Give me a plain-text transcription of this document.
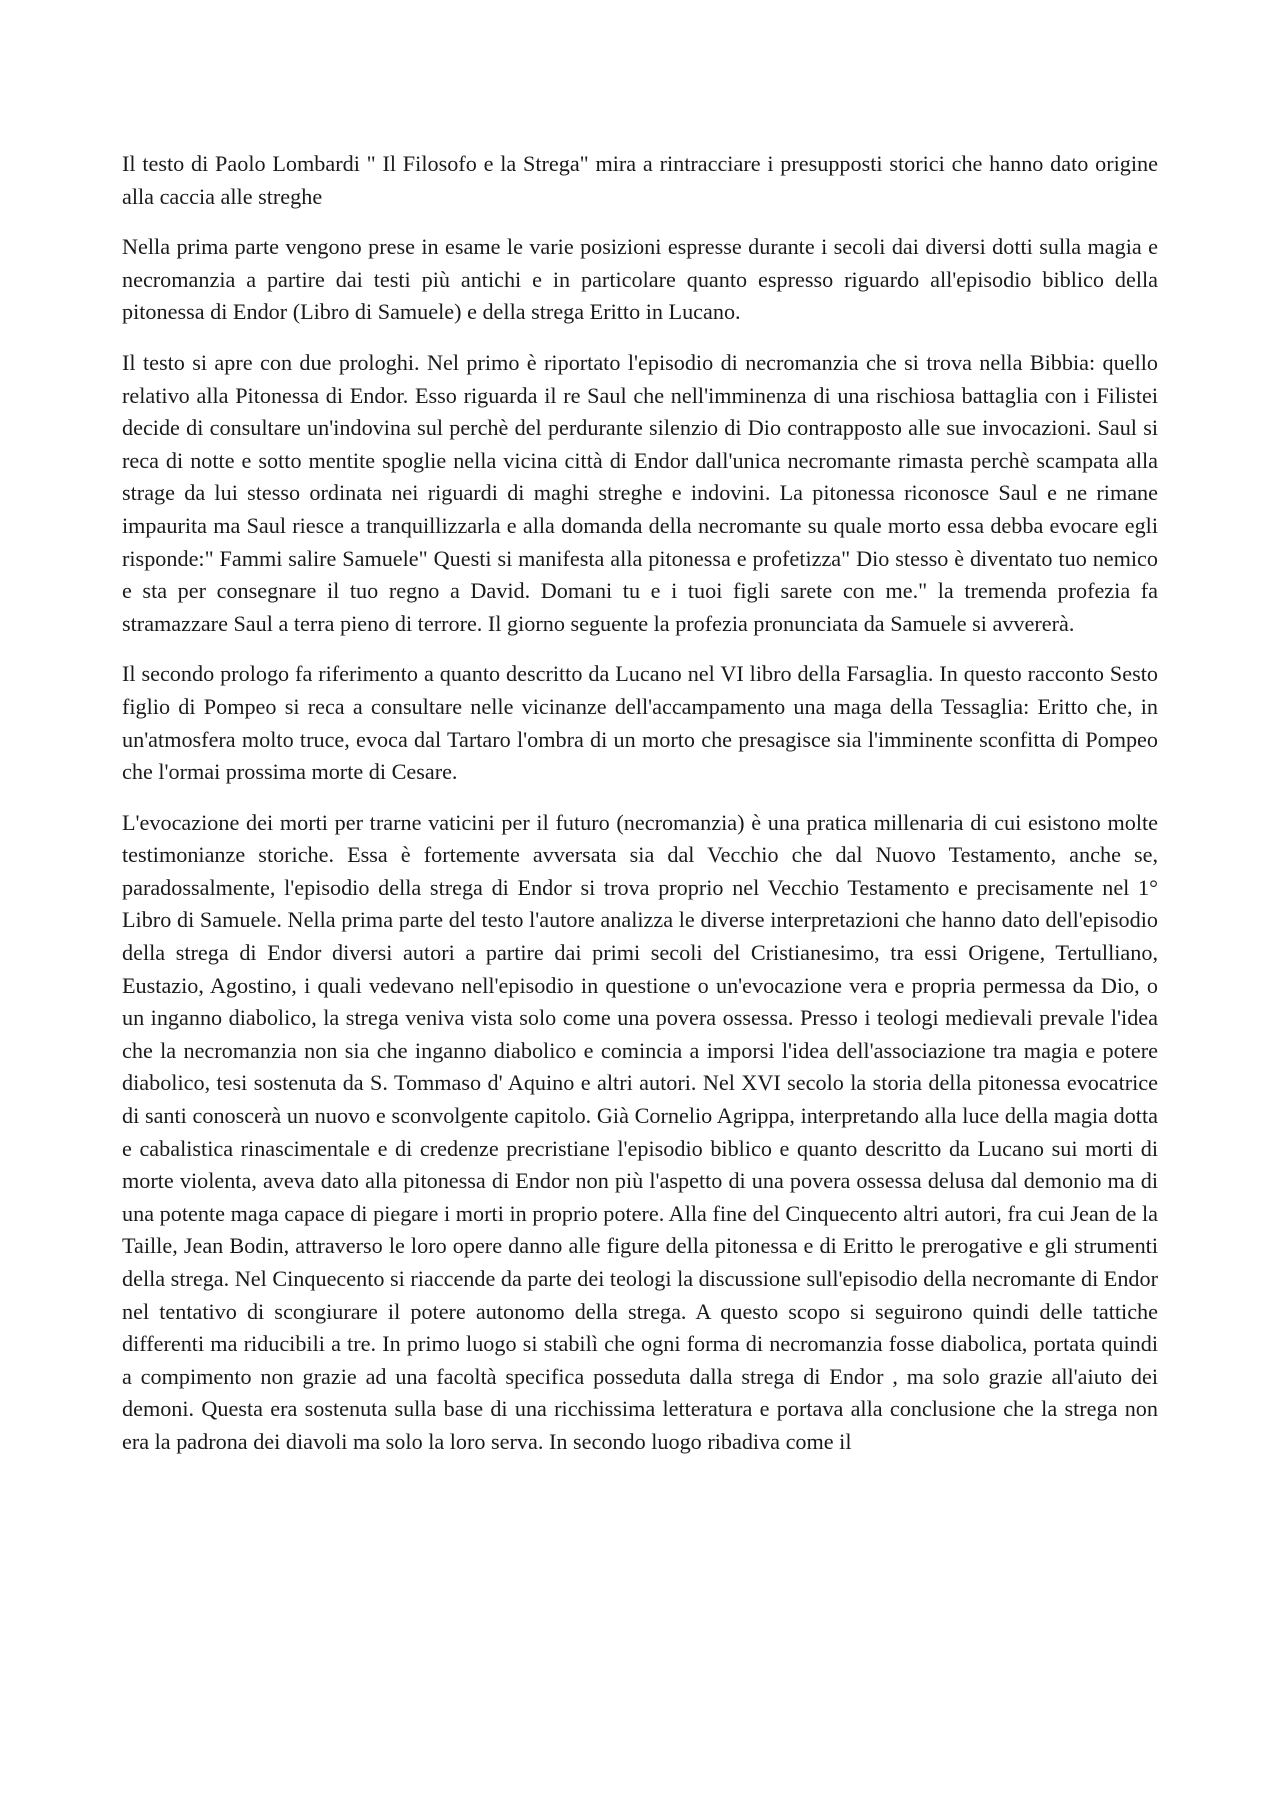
Il testo di Paolo Lombardi " Il Filosofo e la Strega" mira a rintracciare i presupposti storici che hanno dato origine alla caccia alle streghe

Nella prima parte vengono prese in esame le varie posizioni espresse durante i secoli dai diversi dotti sulla magia e necromanzia a partire dai testi più antichi e in particolare quanto espresso riguardo all'episodio biblico della pitonessa di Endor (Libro di Samuele) e della strega Eritto in Lucano.

Il testo si apre con due prologhi. Nel primo è riportato l'episodio di necromanzia che si trova nella Bibbia: quello relativo alla Pitonessa di Endor. Esso riguarda il re Saul che nell'imminenza di una rischiosa battaglia con i Filistei decide di consultare un'indovina sul perchè del perdurante silenzio di Dio contrapposto alle sue invocazioni. Saul si reca di notte e sotto mentite spoglie nella vicina città di Endor dall'unica necromante rimasta perchè scampata alla strage da lui stesso ordinata nei riguardi di maghi streghe e indovini. La pitonessa riconosce Saul e ne rimane impaurita ma Saul riesce a tranquillizzarla e alla domanda della necromante su quale morto essa debba evocare egli risponde:" Fammi salire Samuele" Questi si manifesta alla pitonessa e profetizza" Dio stesso è diventato tuo nemico e sta per consegnare il tuo regno a David. Domani tu e i tuoi figli sarete con me." la tremenda profezia fa stramazzare Saul a terra pieno di terrore. Il giorno seguente la profezia pronunciata da Samuele si avvererà.

Il secondo prologo fa riferimento a quanto descritto da Lucano nel VI libro della Farsaglia. In questo racconto Sesto figlio di Pompeo si reca a consultare nelle vicinanze dell'accampamento una maga della Tessaglia: Eritto che, in un'atmosfera molto truce, evoca dal Tartaro l'ombra di un morto che presagisce sia l'imminente sconfitta di Pompeo che l'ormai prossima morte di Cesare.

L'evocazione dei morti per trarne vaticini per il futuro (necromanzia) è una pratica millenaria di cui esistono molte testimonianze storiche. Essa è fortemente avversata sia dal Vecchio che dal Nuovo Testamento, anche se, paradossalmente, l'episodio della strega di Endor si trova proprio nel Vecchio Testamento e precisamente nel 1° Libro di Samuele. Nella prima parte del testo l'autore analizza le diverse interpretazioni che hanno dato dell'episodio della strega di Endor diversi autori a partire dai primi secoli del Cristianesimo, tra essi Origene, Tertulliano, Eustazio, Agostino, i quali vedevano nell'episodio in questione o un'evocazione vera e propria permessa da Dio, o un inganno diabolico, la strega veniva vista solo come una povera ossessa. Presso i teologi medievali prevale l'idea che la necromanzia non sia che inganno diabolico e comincia a imporsi l'idea dell'associazione tra magia e potere diabolico, tesi sostenuta da S. Tommaso d' Aquino e altri autori. Nel XVI secolo la storia della pitonessa evocatrice di santi conoscerà un nuovo e sconvolgente capitolo. Già Cornelio Agrippa, interpretando alla luce della magia dotta e cabalistica rinascimentale e di credenze precristiane l'episodio biblico e quanto descritto da Lucano sui morti di morte violenta, aveva dato alla pitonessa di Endor non più l'aspetto di una povera ossessa delusa dal demonio ma di una potente maga capace di piegare i morti in proprio potere. Alla fine del Cinquecento altri autori, fra cui Jean de la Taille, Jean Bodin, attraverso le loro opere danno alle figure della pitonessa e di Eritto le prerogative e gli strumenti della strega. Nel Cinquecento si riaccende da parte dei teologi la discussione sull'episodio della necromante di Endor nel tentativo di scongiurare il potere autonomo della strega. A questo scopo si seguirono quindi delle tattiche differenti ma riducibili a tre. In primo luogo si stabilì che ogni forma di necromanzia fosse diabolica, portata quindi a compimento non grazie ad una facoltà specifica posseduta dalla strega di Endor , ma solo grazie all'aiuto dei demoni. Questa era sostenuta sulla base di una ricchissima letteratura e portava alla conclusione che la strega non era la padrona dei diavoli ma solo la loro serva. In secondo luogo ribadiva come il
